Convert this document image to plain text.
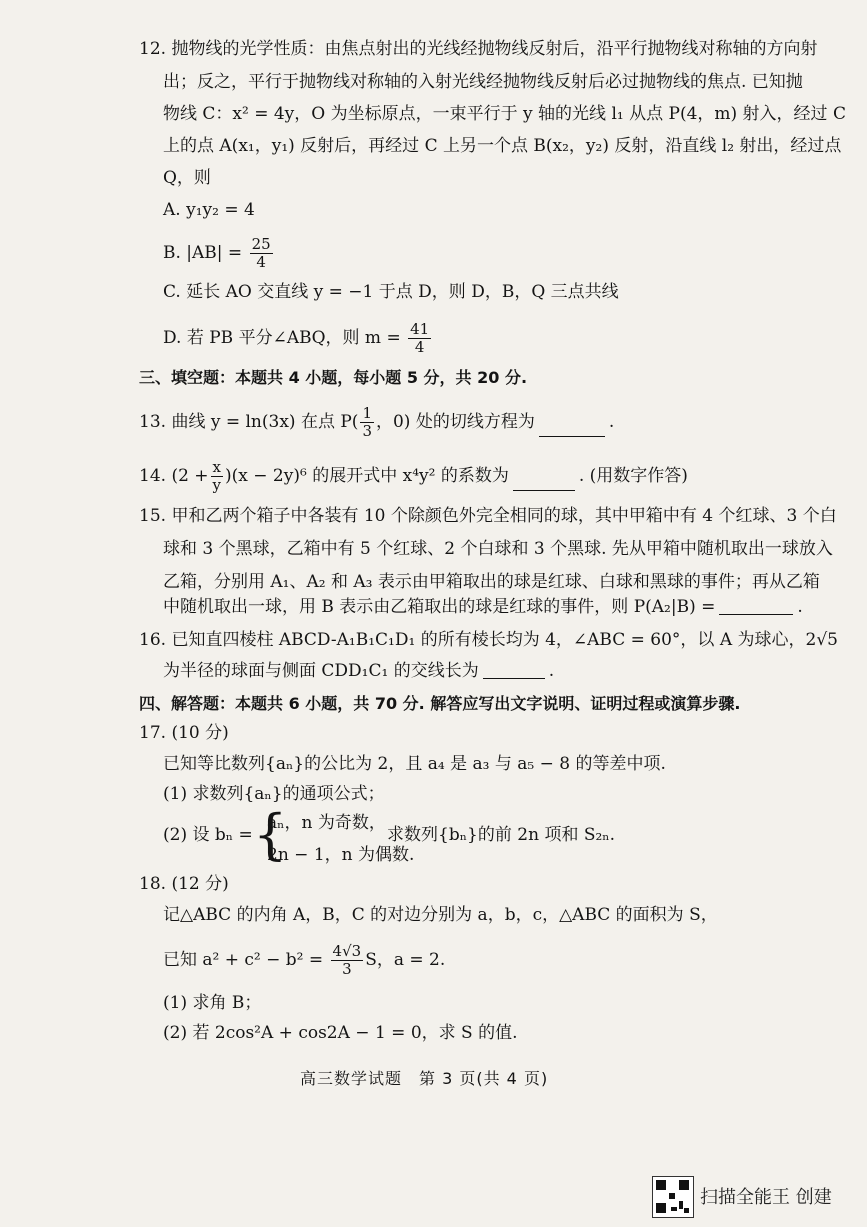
12. 抛物线的光学性质：由焦点射出的光线经抛物线反射后，沿平行抛物线对称轴的方向射
出；反之，平行于抛物线对称轴的入射光线经抛物线反射后必过抛物线的焦点. 已知抛
物线 C：x² = 4y，O 为坐标原点，一束平行于 y 轴的光线 l₁ 从点 P(4，m) 射入，经过 C
上的点 A(x₁，y₁) 反射后，再经过 C 上另一个点 B(x₂，y₂) 反射，沿直线 l₂ 射出，经过点
Q，则
A. y₁y₂ = 4
B. $|AB| = \frac{25}{4}$
C. 延长 AO 交直线 y = −1 于点 D，则 D，B，Q 三点共线
D. 若 PB 平分∠ABQ，则 $m = \frac{41}{4}$
三、填空题：本题共 4 小题，每小题 5 分，共 20 分.
13. 曲线 y = ln(3x) 在点 $P( \frac{1}{3}$ ，0) 处的切线方程为	.
14. $(2 + \frac{x}{y} )(x - 2y)^6$ 的展开式中 x⁴y² 的系数为	. (用数字作答)
15. 甲和乙两个箱子中各装有 10 个除颜色外完全相同的球，其中甲箱中有 4 个红球、3 个白
球和 3 个黑球，乙箱中有 5 个红球、2 个白球和 3 个黑球. 先从甲箱中随机取出一球放入
乙箱，分别用 A₁、A₂ 和 A₃ 表示由甲箱取出的球是红球、白球和黑球的事件；再从乙箱
中随机取出一球，用 B 表示由乙箱取出的球是红球的事件，则 P(A₂|B) =	.
16. 已知直四棱柱 ABCD-A₁B₁C₁D₁ 的所有棱长均为 4，∠ABC = 60°，以 A 为球心，2√5
为半径的球面与侧面 CDD₁C₁ 的交线长为	.
四、解答题：本题共 6 小题，共 70 分. 解答应写出文字说明、证明过程或演算步骤.
17. (10 分)
已知等比数列{aₙ}的公比为 2，且 a₄ 是 a₃ 与 a₅ − 8 的等差中项.
(1) 求数列{aₙ}的通项公式；
(2) 设 bₙ = {
aₙ，n 为奇数，
2n − 1，n 为偶数.
求数列{bₙ}的前 2n 项和 S₂ₙ.
18. (12 分)
记△ABC 的内角 A，B，C 的对边分别为 a，b，c，△ABC 的面积为 S，
已知 $a^2 + c^2 - b^2 = \frac{4√3}{3}$ S，a = 2.
(1) 求角 B；
(2) 若 2cos²A + cos2A − 1 = 0，求 S 的值.
高三数学试题　第 3 页(共 4 页)
扫描全能王 创建
